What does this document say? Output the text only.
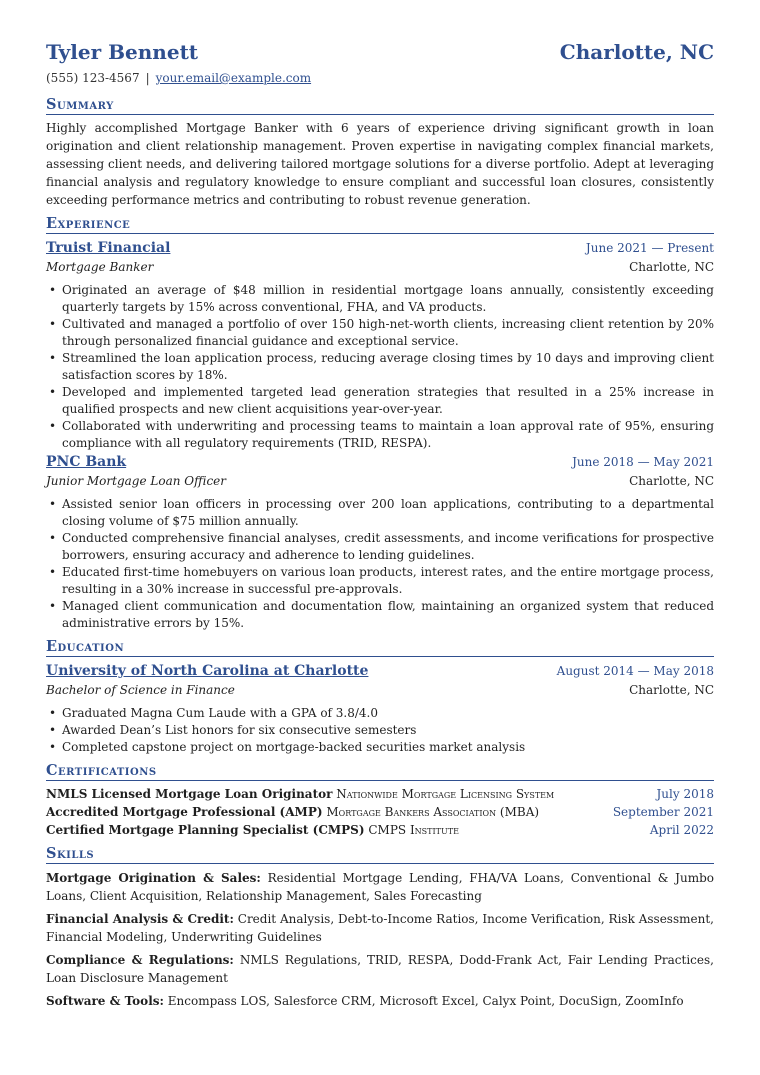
Tyler Bennett	Charlotte, NC
(555) 123-4567 | your.email@example.com
Summary

Highly accomplished Mortgage Banker with 6 years of experience driving significant growth in loan origination and client relationship management. Proven expertise in navigating complex financial markets, assessing client needs, and delivering tailored mortgage solutions for a diverse portfolio. Adept at leveraging financial analysis and regulatory knowledge to ensure compliant and successful loan closures, consistently exceeding performance metrics and contributing to robust revenue generation.

Experience
Truist Financial	June 2021 — Present
Mortgage Banker	Charlotte, NC
• Originated an average of $48 million in residential mortgage loans annually, consistently exceeding quarterly targets by 15% across conventional, FHA, and VA products.
• Cultivated and managed a portfolio of over 150 high-net-worth clients, increasing client retention by 20% through personalized financial guidance and exceptional service.
• Streamlined the loan application process, reducing average closing times by 10 days and improving client satisfaction scores by 18%.
• Developed and implemented targeted lead generation strategies that resulted in a 25% increase in qualified prospects and new client acquisitions year-over-year.
• Collaborated with underwriting and processing teams to maintain a loan approval rate of 95%, ensuring compliance with all regulatory requirements (TRID, RESPA).
PNC Bank	June 2018 — May 2021
Junior Mortgage Loan Officer	Charlotte, NC
• Assisted senior loan officers in processing over 200 loan applications, contributing to a departmental closing volume of $75 million annually.
• Conducted comprehensive financial analyses, credit assessments, and income verifications for prospective borrowers, ensuring accuracy and adherence to lending guidelines.
• Educated first-time homebuyers on various loan products, interest rates, and the entire mortgage process, resulting in a 30% increase in successful pre-approvals.
• Managed client communication and documentation flow, maintaining an organized system that reduced administrative errors by 15%.
Education
University of North Carolina at Charlotte	August 2014 — May 2018
Bachelor of Science in Finance	Charlotte, NC
• Graduated Magna Cum Laude with a GPA of 3.8/4.0
• Awarded Dean’s List honors for six consecutive semesters
• Completed capstone project on mortgage-backed securities market analysis
Certifications
NMLS Licensed Mortgage Loan Originator Nationwide Mortgage Licensing System	July 2018
Accredited Mortgage Professional (AMP) Mortgage Bankers Association (MBA)	September 2021
Certified Mortgage Planning Specialist (CMPS) CMPS Institute	April 2022
Skills

Mortgage Origination & Sales: Residential Mortgage Lending, FHA/VA Loans, Conventional & Jumbo Loans, Client Acquisition, Relationship Management, Sales Forecasting

Financial Analysis & Credit: Credit Analysis, Debt-to-Income Ratios, Income Verification, Risk Assessment, Financial Modeling, Underwriting Guidelines

Compliance & Regulations: NMLS Regulations, TRID, RESPA, Dodd-Frank Act, Fair Lending Practices, Loan Disclosure Management

Software & Tools: Encompass LOS, Salesforce CRM, Microsoft Excel, Calyx Point, DocuSign, ZoomInfo
